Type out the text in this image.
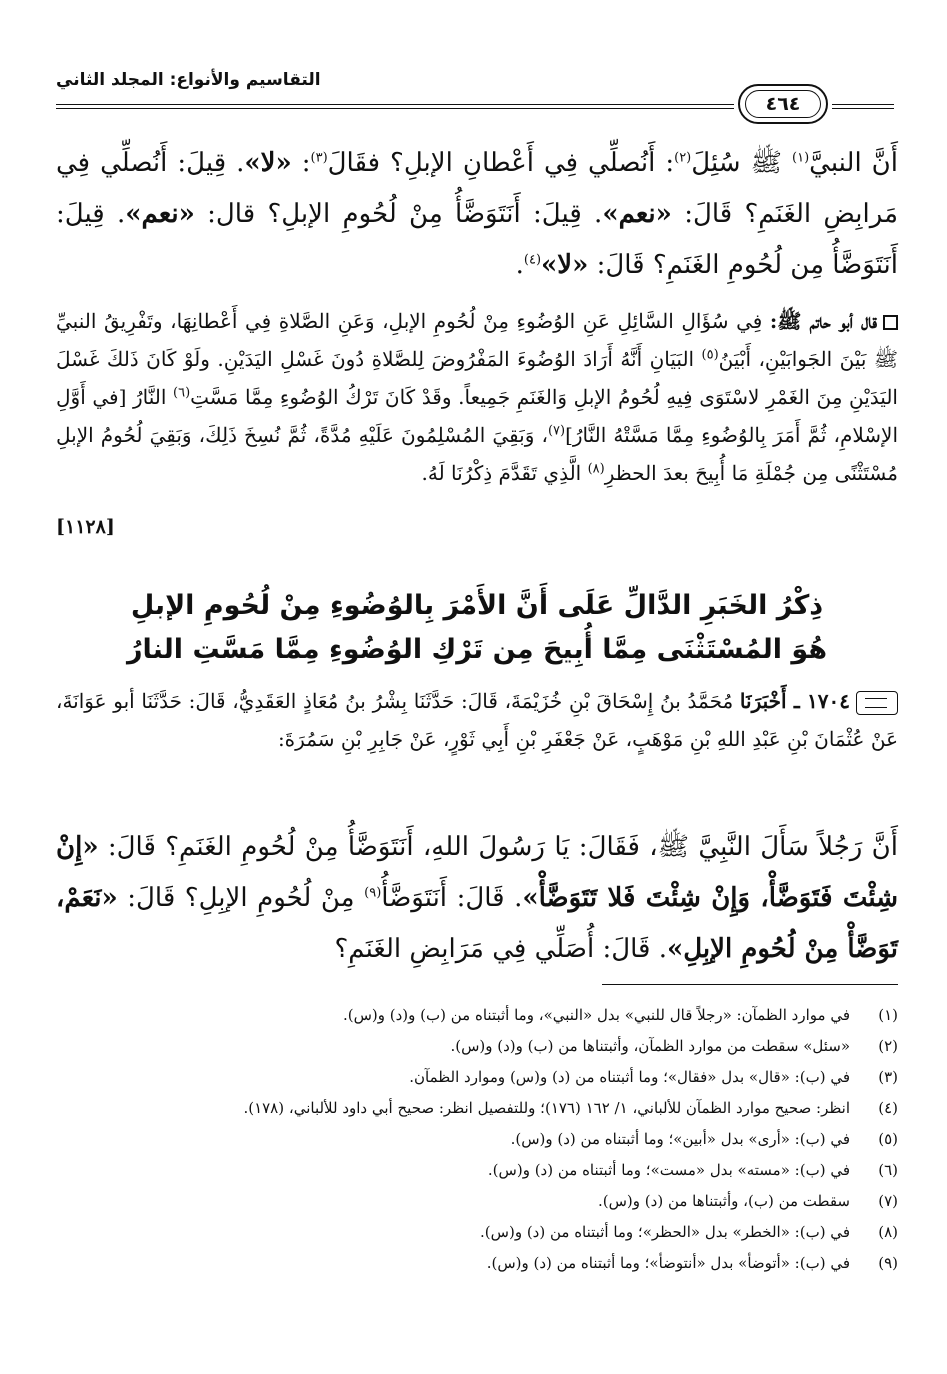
التقاسيم والأنواع: المجلد الثاني
٤٦٤
أَنَّ النبيَّ$^{(١)}$ ﷺ سُئِلَ$^{(٢)}$: أَنُصلِّي فِي أَعْطانِ الإبلِ؟ فقَالَ$^{(٣)}$: «لا». قِيلَ: أَنُصلِّي فِي مَرابِضِ الغَنَمِ؟ قَالَ: «نعم». قِيلَ: أَنَتَوَضَّأُ مِنْ لُحُومِ الإبلِ؟ قال: «نعم». قِيلَ: أَنَتَوَضَّأُ مِن لُحُومِ الغَنَمِ؟ قَالَ: «لا»$^{(٤)}$.
قال أبو حاتم ﷺ: فِي سُؤَالِ السَّائِلِ عَنِ الوُضُوءِ مِنْ لُحُومِ الإبلِ، وَعَنِ الصَّلاةِ فِي أَعْطانِهَا، وتَفْرِيقُ النبيِّ ﷺ بَيْنَ الجَوابَيْنِ، أَبْيَنُ$^{(٥)}$ البَيَانِ أَنَّهُ أَرَادَ الوُضُوءَ المَفْرُوضَ لِلصَّلاةِ دُونَ غَسْلِ اليَدَيْنِ. ولَوْ كَانَ ذَلكَ غَسْلَ اليَدَيْنِ مِنَ الغَمْرِ لاسْتَوَى فِيهِ لُحُومُ الإبلِ وَالغَنَمِ جَمِيعاً. وقَدْ كَانَ تَرْكُ الوُضُوءِ مِمَّا مَسَّتِ$^{(٦)}$ النَّارُ [في أَوَّلِ الإسْلامِ، ثُمَّ أَمَرَ بِالوُضُوءِ مِمَّا مَسَّتْهُ النَّارُ]$^{(٧)}$، وَبَقِيَ المُسْلِمُونَ عَلَيْهِ مُدَّةً، ثُمَّ نُسِخَ ذَلِكَ، وَبَقِيَ لُحُومُ الإبلِ مُسْتَثْنًى مِن جُمْلَةِ مَا أُبِيحَ بعدَ الحظرِ$^{(٨)}$ الَّذِي تَقَدَّمَ ذِكْرُنَا لَهُ.
[١١٢٨]
ذِكْرُ الخَبَرِ الدَّالِّ عَلَى أَنَّ الأَمْرَ بِالوُضُوءِ مِنْ لُحُومِ الإبلِ
هُوَ المُسْتَثْنَى مِمَّا أُبِيحَ مِن تَرْكِ الوُضُوءِ مِمَّا مَسَّتِ النارُ
١٧٠٤ ـ أَخْبَرَنَا مُحَمَّدُ بنُ إِسْحَاقَ بْنِ خُزَيْمَةَ، قَالَ: حَدَّثَنَا بِشْرُ بنُ مُعَاذٍ العَقَدِيُّ، قَالَ: حَدَّثَنَا أبو عَوَانَةَ، عَنْ عُثْمَانَ بْنِ عَبْدِ اللهِ بْنِ مَوْهَبٍ، عَنْ جَعْفَرِ بْنِ أَبِي ثَوْرٍ، عَنْ جَابِرِ بْنِ سَمُرَةَ:
أَنَّ رَجُلاً سَأَلَ النَّبِيَّ ﷺ، فَقَالَ: يَا رَسُولَ اللهِ، أَنَتَوَضَّأُ مِنْ لُحُومِ الغَنَمِ؟ قَالَ: «إِنْ شِئْتَ فَتَوَضَّأْ، وَإِنْ شِئْتَ فَلا تَتَوَضَّأْ». قَالَ: أَنَتَوَضَّأُ$^{(٩)}$ مِنْ لُحُومِ الإبِلِ؟ قَالَ: «نَعَمْ، تَوَضَّأْ مِنْ لُحُومِ الإبِلِ». قَالَ: أُصَلِّي فِي مَرَابِضِ الغَنَمِ؟
(١)
في موارد الظمآن: «رجلاً قال للنبي» بدل «النبي»، وما أثبتناه من (ب) و(د) و(س).
(٢)
«سئل» سقطت من موارد الظمآن، وأثبتناها من (ب) و(د) و(س).
(٣)
في (ب): «قال» بدل «فقال»؛ وما أثبتناه من (د) و(س) وموارد الظمآن.
(٤)
انظر: صحيح موارد الظمآن للألباني، ١/ ١٦٢ (١٧٦)؛ وللتفصيل انظر: صحيح أبي داود للألباني، (١٧٨).
(٥)
في (ب): «أرى» بدل «أبين»؛ وما أثبتناه من (د) و(س).
(٦)
في (ب): «مسته» بدل «مست»؛ وما أثبتناه من (د) و(س).
(٧)
سقطت من (ب)، وأثبتناها من (د) و(س).
(٨)
في (ب): «الخطر» بدل «الحظر»؛ وما أثبتناه من (د) و(س).
(٩)
في (ب): «أتوضأ» بدل «أنتوضأ»؛ وما أثبتناه من (د) و(س).
